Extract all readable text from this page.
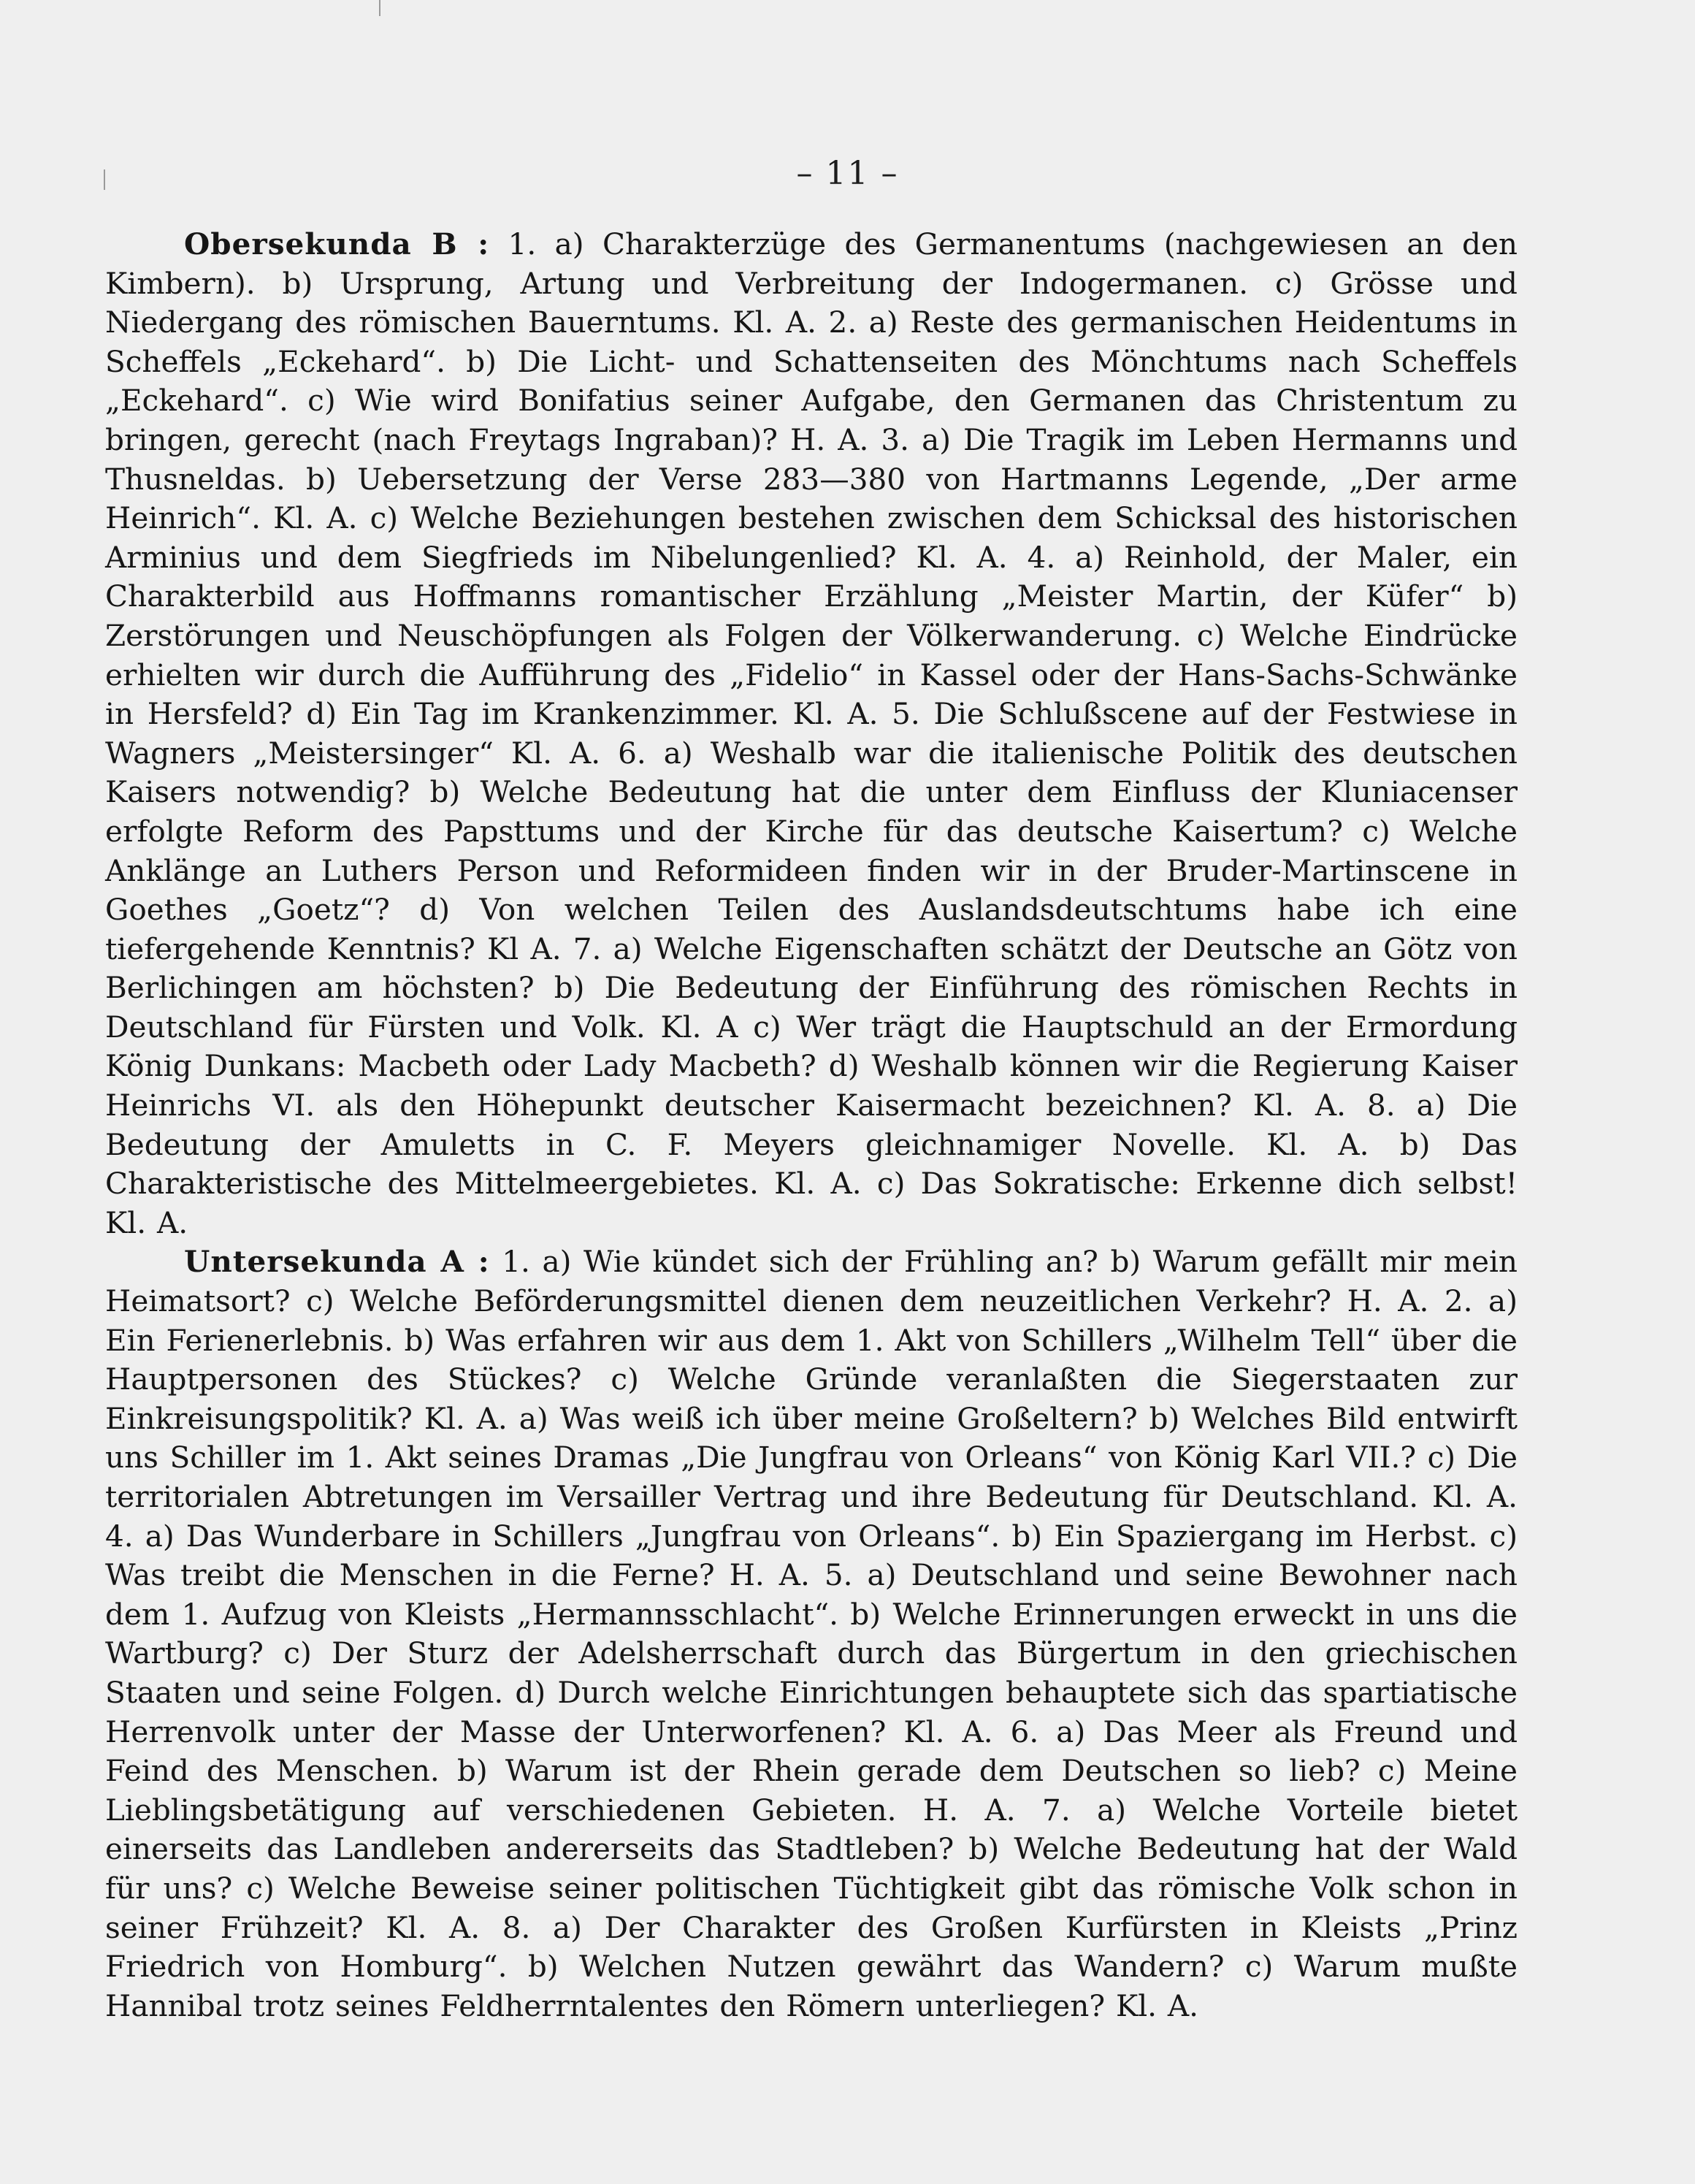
– 11 –

Obersekunda B : 1. a) Charakterzüge des Germanentums (nachgewiesen an den Kimbern). b) Ursprung, Artung und Verbreitung der Indogermanen. c) Grösse und Niedergang des römischen Bauerntums. Kl. A. 2. a) Reste des germanischen Heidentums in Scheffels „Eckehard“. b) Die Licht- und Schattenseiten des Mönchtums nach Scheffels „Eckehard“. c) Wie wird Bonifatius seiner Aufgabe, den Germanen das Christentum zu bringen, gerecht (nach Freytags Ingraban)? H. A. 3. a) Die Tragik im Leben Hermanns und Thusneldas. b) Uebersetzung der Verse 283—380 von Hartmanns Legende, „Der arme Heinrich“. Kl. A. c) Welche Beziehungen bestehen zwischen dem Schicksal des historischen Arminius und dem Siegfrieds im Nibelungenlied? Kl. A. 4. a) Reinhold, der Maler, ein Charakterbild aus Hoffmanns romantischer Erzählung „Meister Martin, der Küfer“ b) Zerstörungen und Neuschöpfungen als Folgen der Völkerwanderung. c) Welche Eindrücke erhielten wir durch die Aufführung des „Fidelio“ in Kassel oder der Hans-Sachs-Schwänke in Hersfeld? d) Ein Tag im Krankenzimmer. Kl. A. 5. Die Schlußscene auf der Festwiese in Wagners „Meistersinger“ Kl. A. 6. a) Weshalb war die italienische Politik des deutschen Kaisers notwendig? b) Welche Bedeutung hat die unter dem Einfluss der Kluniacenser erfolgte Reform des Papsttums und der Kirche für das deutsche Kaisertum? c) Welche Anklänge an Luthers Person und Reformideen finden wir in der Bruder-Martinscene in Goethes „Goetz“? d) Von welchen Teilen des Auslandsdeutschtums habe ich eine tiefergehende Kenntnis? Kl A. 7. a) Welche Eigenschaften schätzt der Deutsche an Götz von Berlichingen am höchsten? b) Die Bedeutung der Einführung des römischen Rechts in Deutschland für Fürsten und Volk. Kl. A c) Wer trägt die Hauptschuld an der Ermordung König Dunkans: Macbeth oder Lady Macbeth? d) Weshalb können wir die Regierung Kaiser Heinrichs VI. als den Höhepunkt deutscher Kaisermacht bezeichnen? Kl. A. 8. a) Die Bedeutung der Amuletts in C. F. Meyers gleichnamiger Novelle. Kl. A. b) Das Charakteristische des Mittelmeergebietes. Kl. A. c) Das Sokratische: Erkenne dich selbst! Kl. A.

Untersekunda A : 1. a) Wie kündet sich der Frühling an? b) Warum gefällt mir mein Heimatsort? c) Welche Beförderungsmittel dienen dem neuzeitlichen Verkehr? H. A. 2. a) Ein Ferienerlebnis. b) Was erfahren wir aus dem 1. Akt von Schillers „Wilhelm Tell“ über die Hauptpersonen des Stückes? c) Welche Gründe veranlaßten die Siegerstaaten zur Einkreisungspolitik? Kl. A. a) Was weiß ich über meine Großeltern? b) Welches Bild entwirft uns Schiller im 1. Akt seines Dramas „Die Jungfrau von Orleans“ von König Karl VII.? c) Die territorialen Abtretungen im Versailler Vertrag und ihre Bedeutung für Deutschland. Kl. A. 4. a) Das Wunderbare in Schillers „Jungfrau von Orleans“. b) Ein Spaziergang im Herbst. c) Was treibt die Menschen in die Ferne? H. A. 5. a) Deutschland und seine Bewohner nach dem 1. Aufzug von Kleists „Hermannsschlacht“. b) Welche Erinnerungen erweckt in uns die Wartburg? c) Der Sturz der Adelsherrschaft durch das Bürgertum in den griechischen Staaten und seine Folgen. d) Durch welche Einrichtungen behauptete sich das spartiatische Herrenvolk unter der Masse der Unterworfenen? Kl. A. 6. a) Das Meer als Freund und Feind des Menschen. b) Warum ist der Rhein gerade dem Deutschen so lieb? c) Meine Lieblingsbetätigung auf verschiedenen Gebieten. H. A. 7. a) Welche Vorteile bietet einerseits das Landleben andererseits das Stadtleben? b) Welche Bedeutung hat der Wald für uns? c) Welche Beweise seiner politischen Tüchtigkeit gibt das römische Volk schon in seiner Frühzeit? Kl. A. 8. a) Der Charakter des Großen Kurfürsten in Kleists „Prinz Friedrich von Homburg“. b) Welchen Nutzen gewährt das Wandern? c) Warum mußte Hannibal trotz seines Feldherrntalentes den Römern unterliegen? Kl. A.
